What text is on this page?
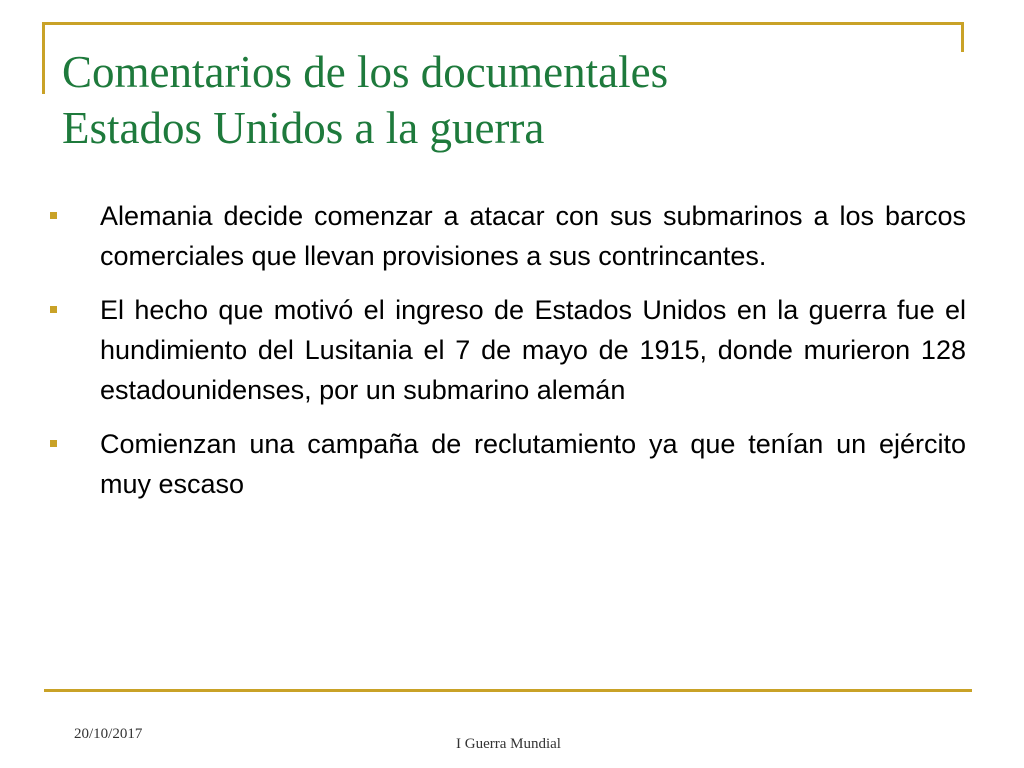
Comentarios de los documentales
Estados Unidos a la guerra
Alemania decide comenzar a atacar con sus submarinos a los barcos comerciales que llevan provisiones a sus contrincantes.
El hecho que motivó el ingreso de Estados Unidos en la guerra fue el hundimiento del Lusitania el 7 de mayo de 1915, donde murieron 128 estadounidenses, por un submarino alemán
Comienzan una campaña de reclutamiento ya que tenían un ejército muy escaso
20/10/2017
I Guerra Mundial
